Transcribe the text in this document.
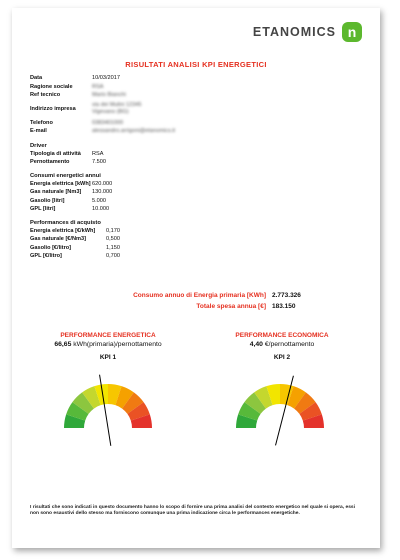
ETANOMICS n
RISULTATI ANALISI KPI ENERGETICI
Data	10/03/2017
Ragione sociale	RSA
Ref tecnico	Mario Bianchi
Indirizzo impresa
via dei Mulini 12345 Vigevano (BG)
Telefono	0383401000
E-mail	alessandro.arrigoni@etanomics.it
Driver
Tipologia di attività	RSA
Pernottamento	7.500
Consumi energetici annui
Energia elettrica [kWh] 620.000
Gas naturale [Nm3]	130.000
Gasolio [litri]	5.000
GPL [litri]	10.000
Performances di acquisto
Energia elettrica [€/kWh]	0,170
Gas naturale [€/Nm3]	0,500
Gasolio [€/litro]	1,150
GPL [€/litro]	0,700
Consumo annuo di Energia primaria [KWh] 2.773.326
Totale spesa annua [€] 183.150
PERFORMANCE ENERGETICA
66,65 kWh(primaria)/pernottamento
KPI 1
PERFORMANCE ECONOMICA
4,40 €/pernottamento
KPI 2
I risultati che sono indicati in questo documento hanno lo scopo di fornire una prima analisi del contesto energetico nel quale si opera, essi non sono esaustivi dello stesso ma forniscono comunque una prima indicazione circa le performances energetiche.
